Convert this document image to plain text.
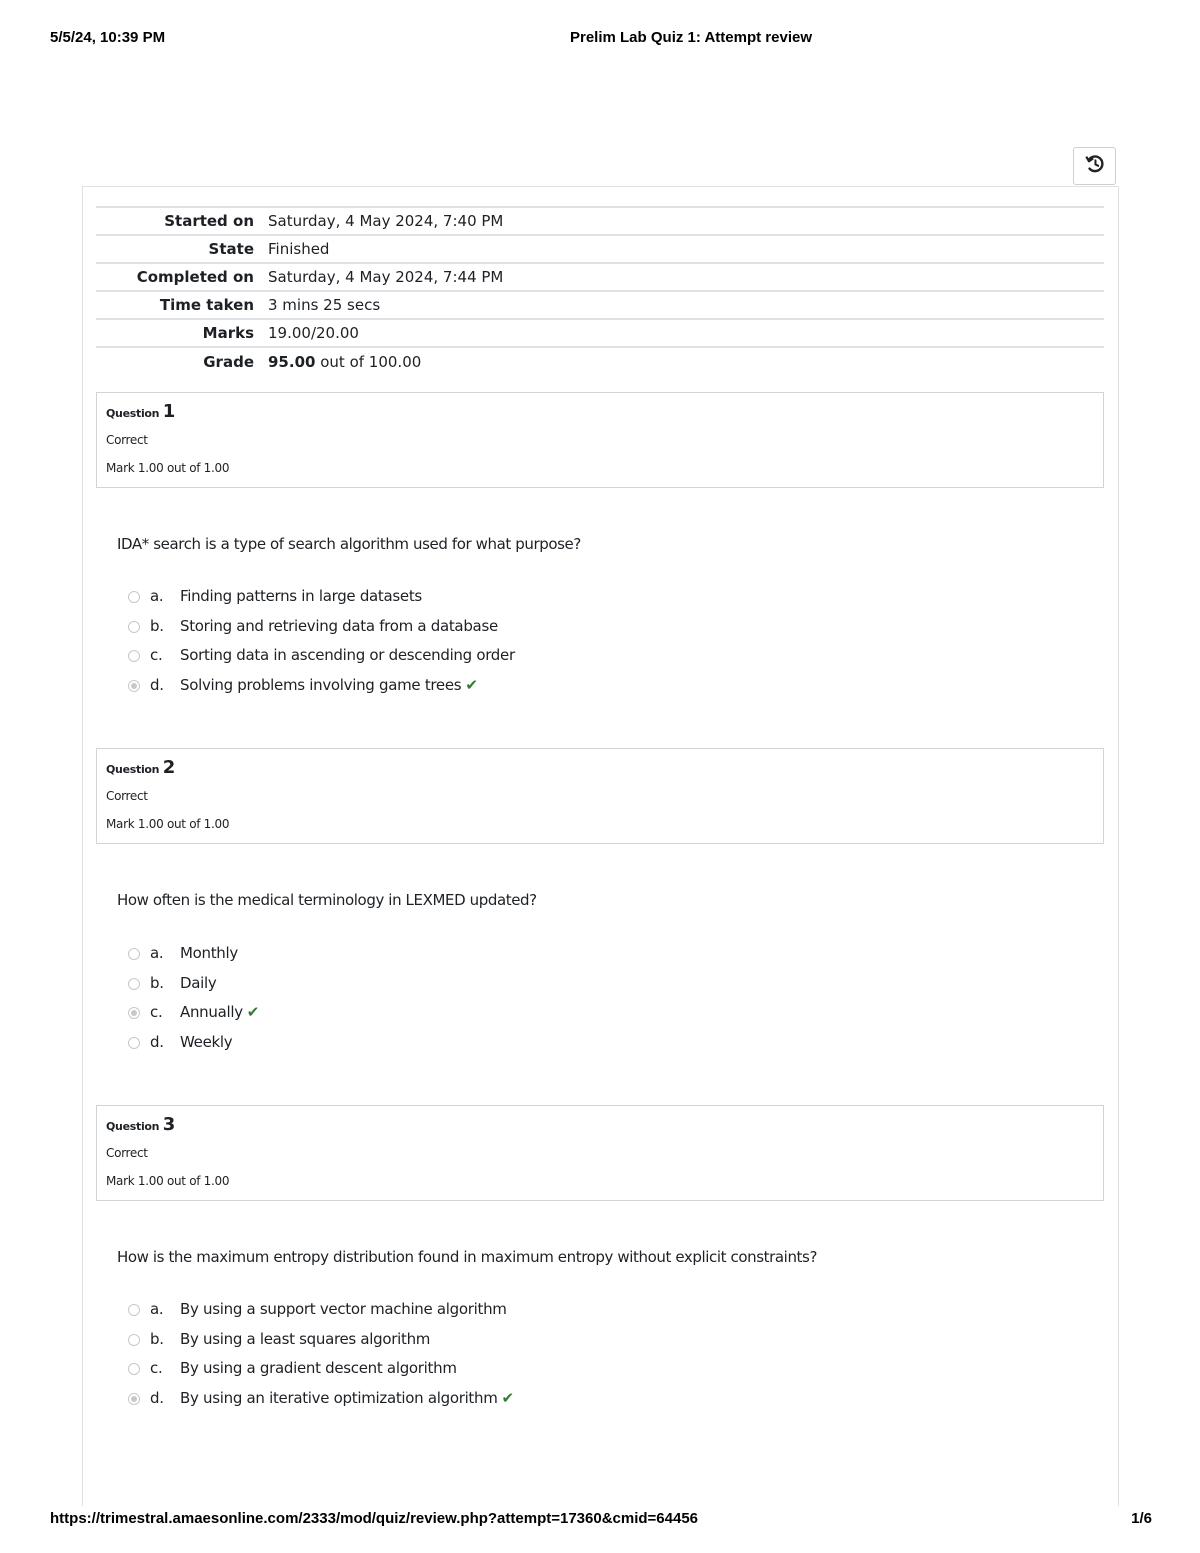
5/5/24, 10:39 PM	Prelim Lab Quiz 1: Attempt review
Started on	Saturday, 4 May 2024, 7:40 PM
State	Finished
Completed on	Saturday, 4 May 2024, 7:44 PM
Time taken	3 mins 25 secs
Marks	19.00/20.00
Grade	95.00 out of 100.00
Question 1
Correct
Mark 1.00 out of 1.00
IDA* search is a type of search algorithm used for what purpose?
a. Finding patterns in large datasets
b. Storing and retrieving data from a database
c. Sorting data in ascending or descending order
d. Solving problems involving game trees ✔
Question 2
Correct
Mark 1.00 out of 1.00
How often is the medical terminology in LEXMED updated?
a. Monthly
b. Daily
c. Annually ✔
d. Weekly
Question 3
Correct
Mark 1.00 out of 1.00
How is the maximum entropy distribution found in maximum entropy without explicit constraints?
a. By using a support vector machine algorithm
b. By using a least squares algorithm
c. By using a gradient descent algorithm
d. By using an iterative optimization algorithm ✔
https://trimestral.amaesonline.com/2333/mod/quiz/review.php?attempt=17360&cmid=64456	1/6
